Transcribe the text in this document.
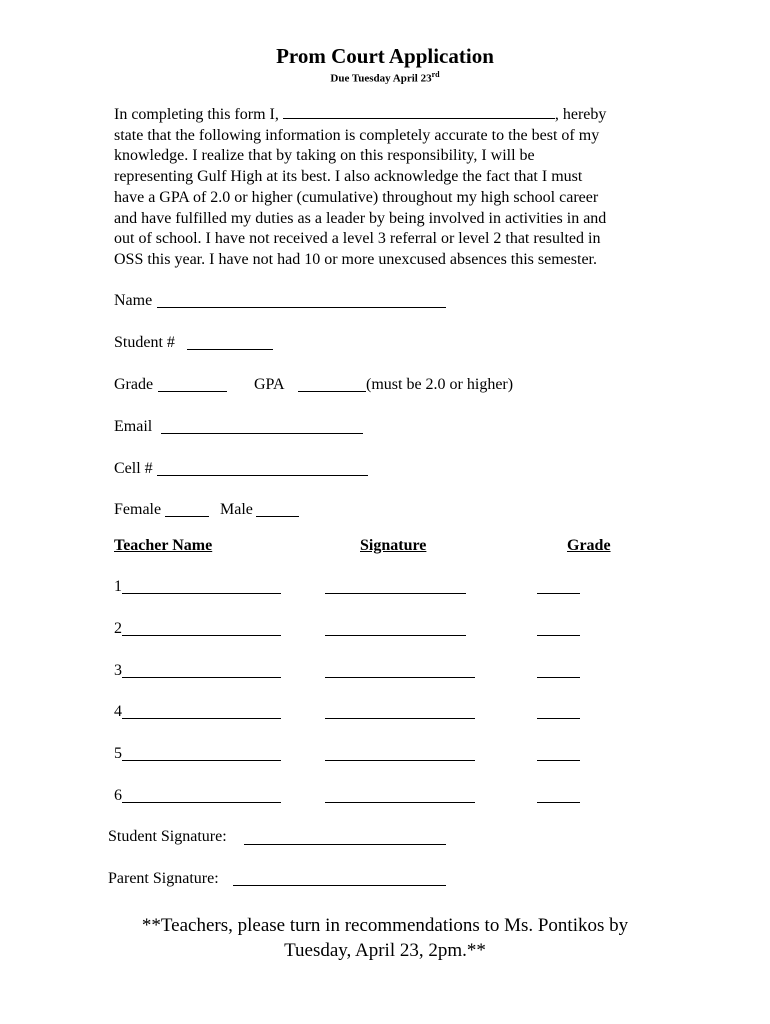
Prom Court Application
Due Tuesday April 23rd

In completing this form I,	, hereby

state that the following information is completely accurate to the best of my

knowledge. I realize that by taking on this responsibility, I will be

representing Gulf High at its best. I also acknowledge the fact that I must

have a GPA of 2.0 or higher (cumulative) throughout my high school career

and have fulfilled my duties as a leader by being involved in activities in and

out of school. I have not received a level 3 referral or level 2 that resulted in

OSS this year. I have not had 10 or more unexcused absences this semester.

Name
Student #
Grade	GPA	(must be 2.0 or higher)
Email
Cell #
Female	Male
Teacher Name	Signature	Grade
1
2
3
4
5
6
Student Signature:
Parent Signature:

**Teachers, please turn in recommendations to Ms. Pontikos by

Tuesday, April 23, 2pm.**
